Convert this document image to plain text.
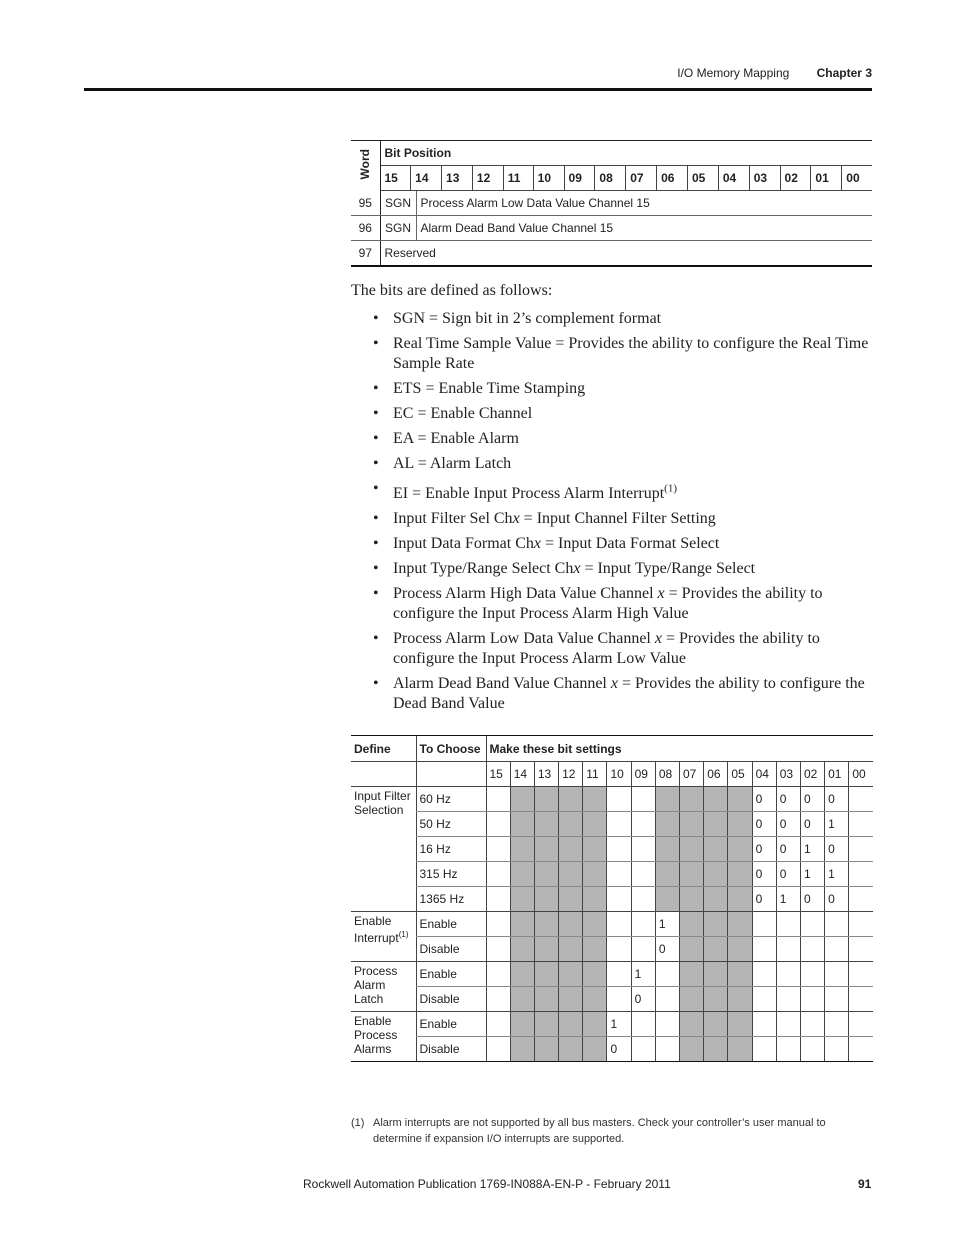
I/O Memory Mapping Chapter 3
Word	Bit Position

15	14	13	12	11	10	09	08	07	06	05	04	03	02	01	00

95	SGN	Process Alarm Low Data Value Channel 15
96	SGN	Alarm Dead Band Value Channel 15
97	Reserved

The bits are defined as follows:

• SGN = Sign bit in 2’s complement format
• Real Time Sample Value = Provides the ability to configure the Real Time Sample Rate
• ETS = Enable Time Stamping
• EC = Enable Channel
• EA = Enable Alarm
• AL = Alarm Latch
• EI = Enable Input Process Alarm Interrupt$^{(1)}$
• Input Filter Sel Chx = Input Channel Filter Setting
• Input Data Format Chx = Input Data Format Select
• Input Type/Range Select Chx = Input Type/Range Select
• Process Alarm High Data Value Channel x = Provides the ability to configure the Input Process Alarm High Value
• Process Alarm Low Data Value Channel x = Provides the ability to configure the Input Process Alarm Low Value
• Alarm Dead Band Value Channel x = Provides the ability to configure the Dead Band Value
Define	To Choose	Make these bit settings															
		15	14	13	12	11	10	09	08	07	06	05	04	03	02	01	00
Input Filter Selection	60 Hz												0	0	0	0	
	50 Hz												0	0	0	1	
	16 Hz												0	0	1	0	
	315 Hz												0	0	1	1	
	1365 Hz												0	1	0	0	
Enable Interrupt$^{(1)}$	Enable								1								
	Disable								0								
Process Alarm Latch	Enable							1									
	Disable							0									
Enable Process Alarms	Enable						1										
	Disable						0										
(1) Alarm interrupts are not supported by all bus masters. Check your controller’s user manual to determine if expansion I/O interrupts are supported.
Rockwell Automation Publication 1769-IN088A-EN-P - February 2011	91
